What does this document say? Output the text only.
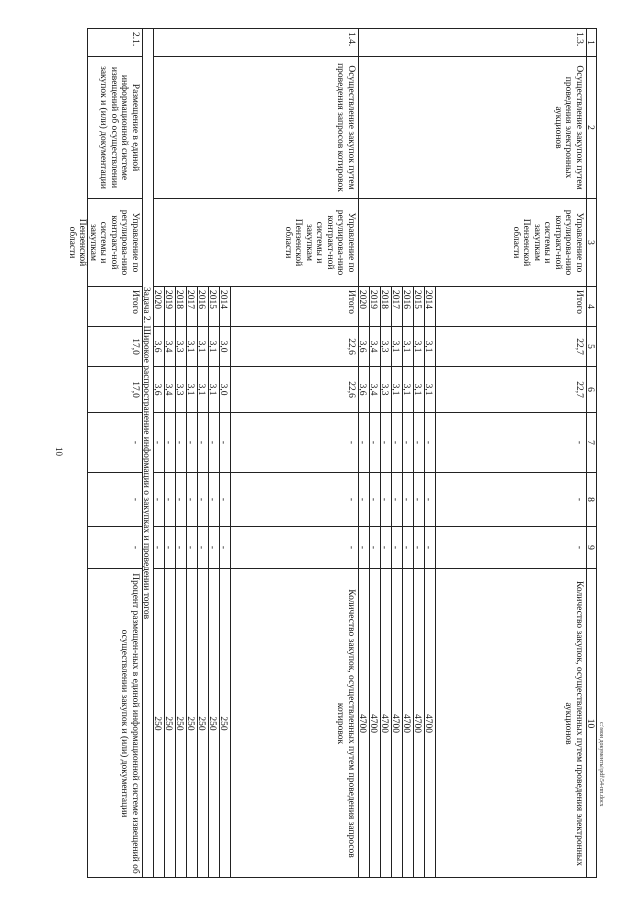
10
1
2
3
4
5
6
7
8
9
10
1.3.
Осуществление закупок путем проведения электронных аукционов
Управление по регулирова-нию контракт-ной системы и закупкам Пензенской области
Итого
22,7
22,7
-
-
-
Количество закупок, осуществленных путем проведения электронных аукционов
2014
3,1
3,1
-
-
-
4700
2015
3,1
3,1
-
-
-
4700
2016
3,1
3,1
-
-
-
4700
2017
3,1
3,1
-
-
-
4700
2018
3,3
3,3
-
-
-
4700
2019
3,4
3,4
-
-
-
4700
2020
3,6
3,6
-
-
-
4700
1.4.
Осуществление закупок путем проведения запросов котировок
Управление по регулирова-нию контракт-ной системы и закупкам Пензенской области
Итого
22,6
22,6
-
-
-
Количество закупок, осуществленных путем проведения запросов котировок
2014
3,0
3,0
-
-
-
250
2015
3,1
3,1
-
-
-
250
2016
3,1
3,1
-
-
-
250
2017
3,1
3,1
-
-
-
250
2018
3,3
3,3
-
-
-
250
2019
3,4
3,4
-
-
-
250
2020
3,6
3,6
-
-
-
250
Задача 2. Широкое распространение информации о закупках и проведении торгов
2.1.
Размещение в единой информационной системе извещений об осуществлении закупок и (или) документации
Управление по регулирова-нию контракт-ной системы и закупкам Пензенской области
Итого
17,0
17,0
-
-
-
Процент размещен-ных в единой информационной системе извещений об осуществлении закупок и (или) документации	c:\мои документы\pdf\54-пп.docx
